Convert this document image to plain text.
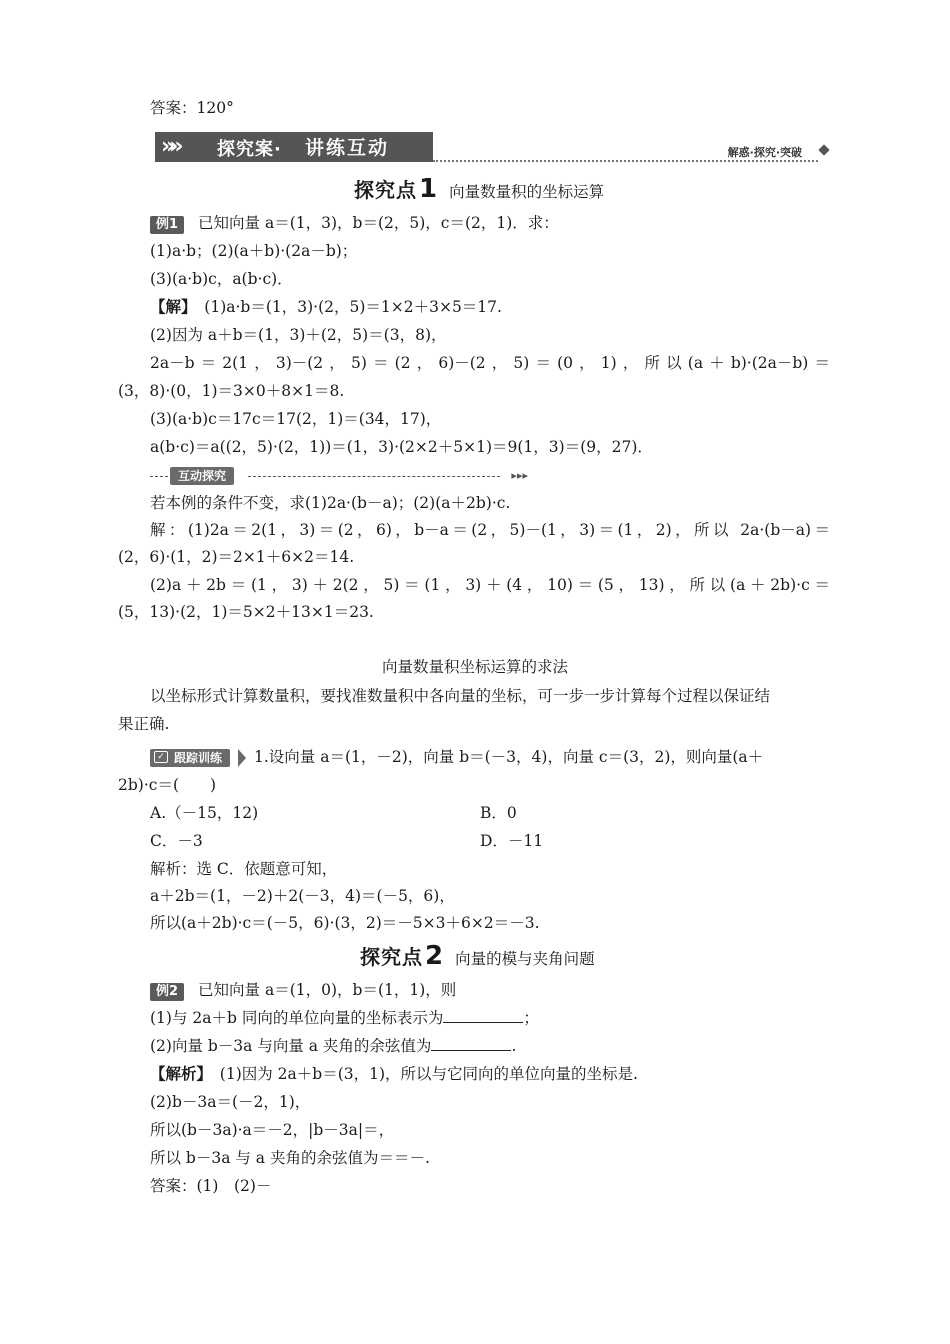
答案：120°
»» 探究案· 讲练互动	解惑·探究·突破
探究点1 向量数量积的坐标运算
例1 已知向量 a＝(1，3)，b＝(2，5)，c＝(2，1)．求：
(1)a·b；(2)(a＋b)·(2a－b)；
(3)(a·b)c，a(b·c)．
【解】　 (1)a·b＝(1，3)·(2，5)＝1×2＋3×5＝17.
(2)因为 a＋b＝(1，3)＋(2，5)＝(3，8)，
2a－b＝2(1，3)－(2，5)＝(2，6)－(2，5)＝(0，1)，所以(a＋b)·(2a－b)＝
(3，8)·(0，1)＝3×0＋8×1＝8.
(3)(a·b)c＝17c＝17(2，1)＝(34，17)，
a(b·c)＝a((2，5)·(2，1))＝(1，3)·(2×2＋5×1)＝9(1，3)＝(9，27)．
互动探究	▸▸▸
若本例的条件不变，求(1)2a·(b－a)；(2)(a＋2b)·c.
解：(1)2a＝2(1，3)＝(2，6)，b－a＝(2，5)－(1，3)＝(1，2)，所以 2a·(b－a)＝
(2，6)·(1，2)＝2×1＋6×2＝14.
(2)a＋2b＝(1，3)＋2(2，5)＝(1，3)＋(4，10)＝(5，13)，所以(a＋2b)·c＝
(5，13)·(2，1)＝5×2＋13×1＝23.
向量数量积坐标运算的求法
以坐标形式计算数量积，要找准数量积中各向量的坐标，可一步一步计算每个过程以保证结
果正确.
✓ 跟踪训练 1.设向量 a＝(1，－2)，向量 b＝(－3，4)，向量 c＝(3，2)，则向量(a＋
2b)·c＝(　　)
A.（－15，12)	B．0
C．－3	D．－11
解析：选 C．依题意可知，
a＋2b＝(1，－2)＋2(－3，4)＝(－5，6)，
所以(a＋2b)·c＝(－5，6)·(3，2)＝－5×3＋6×2＝－3.
探究点2 向量的模与夹角问题
例2 已知向量 a＝(1，0)，b＝(1，1)，则
(1)与 2a＋b 同向的单位向量的坐标表示为	；
(2)向量 b－3a 与向量 a 夹角的余弦值为	.
【解析】　 (1)因为 2a＋b＝(3，1)，所以与它同向的单位向量的坐标是.
(2)b－3a＝(－2，1)，
所以(b－3a)·a＝－2，|b－3a|＝，
所以 b－3a 与 a 夹角的余弦值为＝＝－.
答案：(1)　(2)－
